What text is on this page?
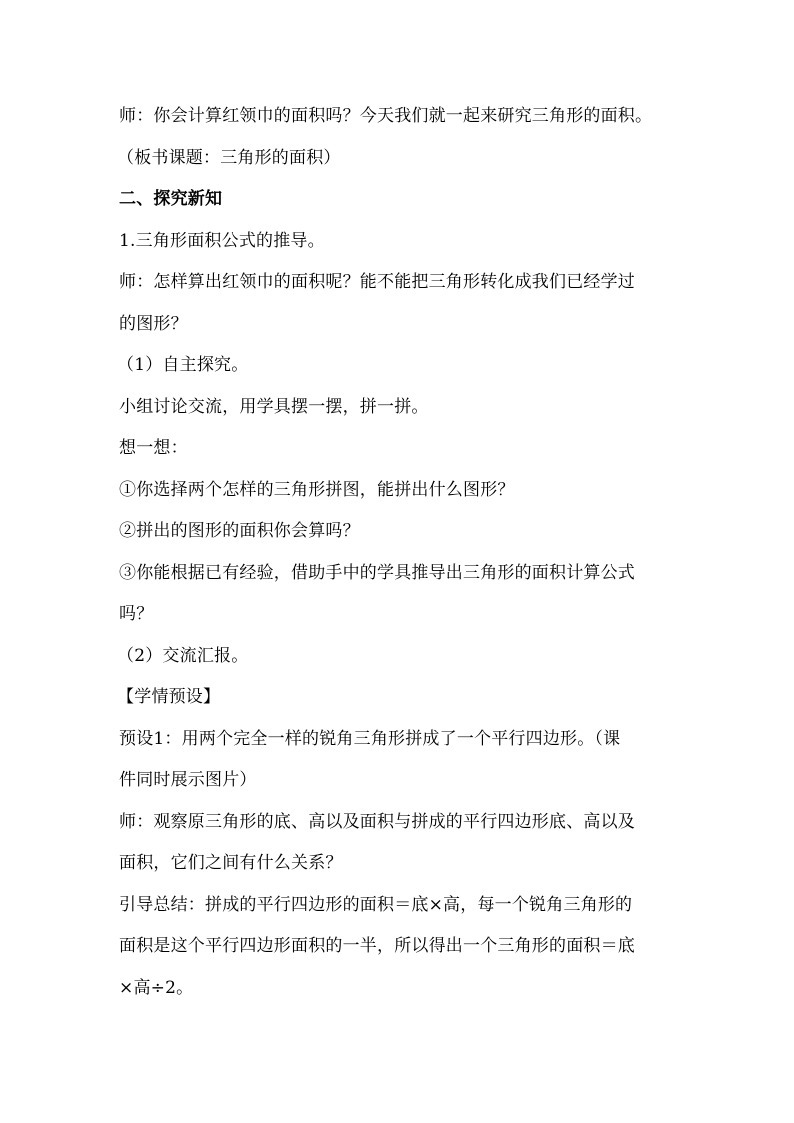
师：你会计算红领巾的面积吗？今天我们就一起来研究三角形的面积。
（板书课题：三角形的面积）
二、探究新知
1.三角形面积公式的推导。
师：怎样算出红领巾的面积呢？能不能把三角形转化成我们已经学过
的图形？
（1）自主探究。
小组讨论交流，用学具摆一摆，拼一拼。
想一想：
①你选择两个怎样的三角形拼图，能拼出什么图形？
②拼出的图形的面积你会算吗？
③你能根据已有经验，借助手中的学具推导出三角形的面积计算公式
吗？
（2）交流汇报。
【学情预设】
预设1：用两个完全一样的锐角三角形拼成了一个平行四边形。（课
件同时展示图片）
师：观察原三角形的底、高以及面积与拼成的平行四边形底、高以及
面积，它们之间有什么关系？
引导总结：拼成的平行四边形的面积＝底×高，每一个锐角三角形的
面积是这个平行四边形面积的一半，所以得出一个三角形的面积＝底
×高÷2。
